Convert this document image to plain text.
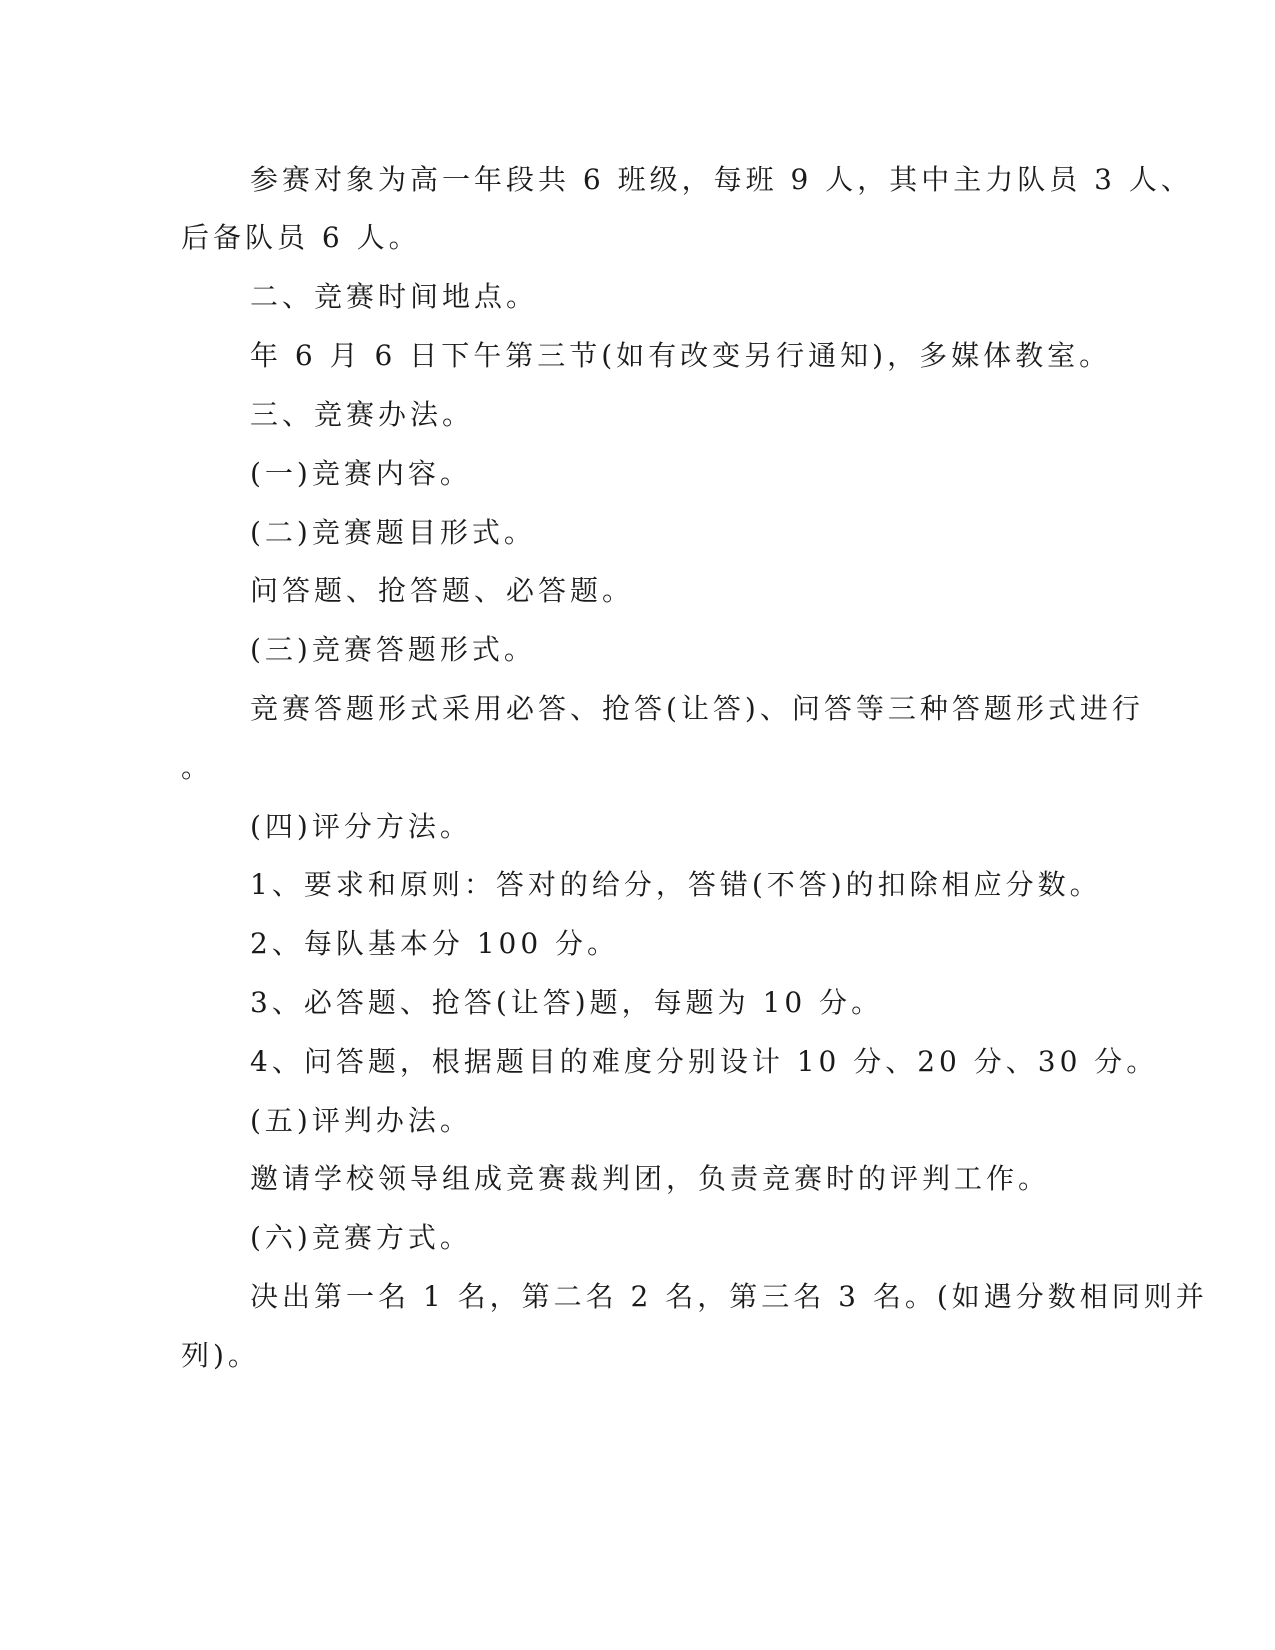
参赛对象为高一年段共 6 班级，每班 9 人，其中主力队员 3 人、
后备队员 6 人。
二、竞赛时间地点。
年 6 月 6 日下午第三节(如有改变另行通知)，多媒体教室。
三、竞赛办法。
(一)竞赛内容。
(二)竞赛题目形式。
问答题、抢答题、必答题。
(三)竞赛答题形式。
竞赛答题形式采用必答、抢答(让答)、问答等三种答题形式进行
。
(四)评分方法。
1、要求和原则：答对的给分，答错(不答)的扣除相应分数。
2、每队基本分 100 分。
3、必答题、抢答(让答)题，每题为 10 分。
4、问答题，根据题目的难度分别设计 10 分、20 分、30 分。
(五)评判办法。
邀请学校领导组成竞赛裁判团，负责竞赛时的评判工作。
(六)竞赛方式。
决出第一名 1 名，第二名 2 名，第三名 3 名。(如遇分数相同则并
列)。
